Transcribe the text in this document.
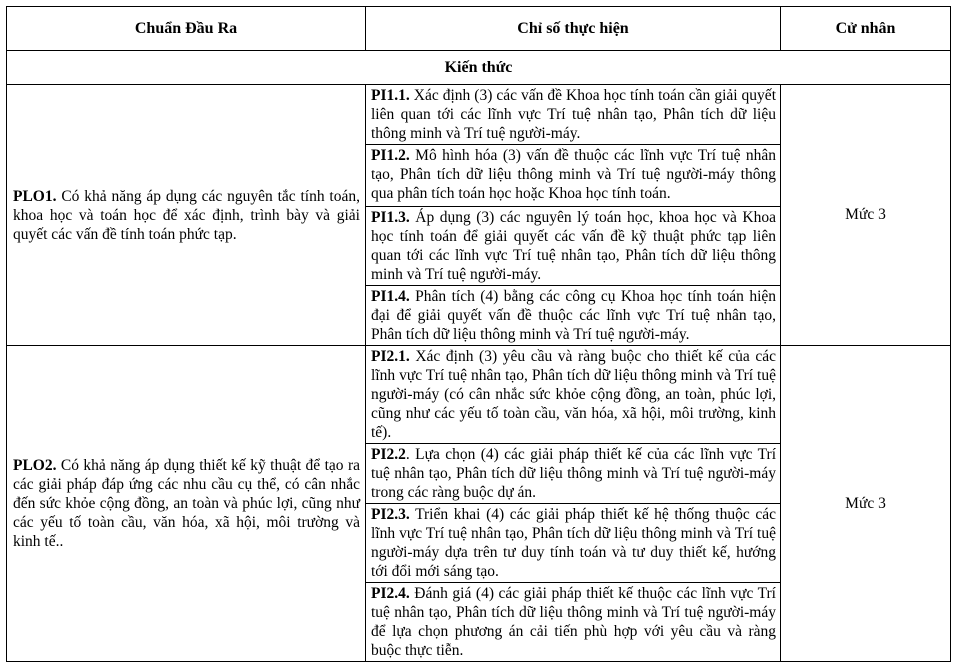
Chuẩn Đầu Ra	Chỉ số thực hiện	Cử nhân
Kiến thức		
PLO1. Có khả năng áp dụng các nguyên tắc tính toán, khoa học và toán học để xác định, trình bày và giải quyết các vấn đề tính toán phức tạp.	PI1.1. Xác định (3) các vấn đề Khoa học tính toán cần giải quyết liên quan tới các lĩnh vực Trí tuệ nhân tạo, Phân tích dữ liệu thông minh và Trí tuệ người-máy.	Mức 3
	PI1.2. Mô hình hóa (3) vấn đề thuộc các lĩnh vực Trí tuệ nhân tạo, Phân tích dữ liệu thông minh và Trí tuệ người-máy thông qua phân tích toán học hoặc Khoa học tính toán.	
	PI1.3. Áp dụng (3) các nguyên lý toán học, khoa học và Khoa học tính toán để giải quyết các vấn đề kỹ thuật phức tạp liên quan tới các lĩnh vực Trí tuệ nhân tạo, Phân tích dữ liệu thông minh và Trí tuệ người-máy.	
	PI1.4. Phân tích (4) bằng các công cụ Khoa học tính toán hiện đại để giải quyết vấn đề thuộc các lĩnh vực Trí tuệ nhân tạo, Phân tích dữ liệu thông minh và Trí tuệ người-máy.	
PLO2. Có khả năng áp dụng thiết kế kỹ thuật để tạo ra các giải pháp đáp ứng các nhu cầu cụ thể, có cân nhắc đến sức khỏe cộng đồng, an toàn và phúc lợi, cũng như các yếu tố toàn cầu, văn hóa, xã hội, môi trường và kinh tế..	PI2.1. Xác định (3) yêu cầu và ràng buộc cho thiết kế của các lĩnh vực Trí tuệ nhân tạo, Phân tích dữ liệu thông minh và Trí tuệ người-máy (có cân nhắc sức khỏe cộng đồng, an toàn, phúc lợi, cũng như các yếu tố toàn cầu, văn hóa, xã hội, môi trường, kinh tế).	Mức 3
	PI2.2. Lựa chọn (4) các giải pháp thiết kế của các lĩnh vực Trí tuệ nhân tạo, Phân tích dữ liệu thông minh và Trí tuệ người-máy trong các ràng buộc dự án.	
	PI2.3. Triển khai (4) các giải pháp thiết kế hệ thống thuộc các lĩnh vực Trí tuệ nhân tạo, Phân tích dữ liệu thông minh và Trí tuệ người-máy dựa trên tư duy tính toán và tư duy thiết kế, hướng tới đổi mới sáng tạo.	
	PI2.4. Đánh giá (4) các giải pháp thiết kế thuộc các lĩnh vực Trí tuệ nhân tạo, Phân tích dữ liệu thông minh và Trí tuệ người-máy để lựa chọn phương án cải tiến phù hợp với yêu cầu và ràng buộc thực tiễn.	
